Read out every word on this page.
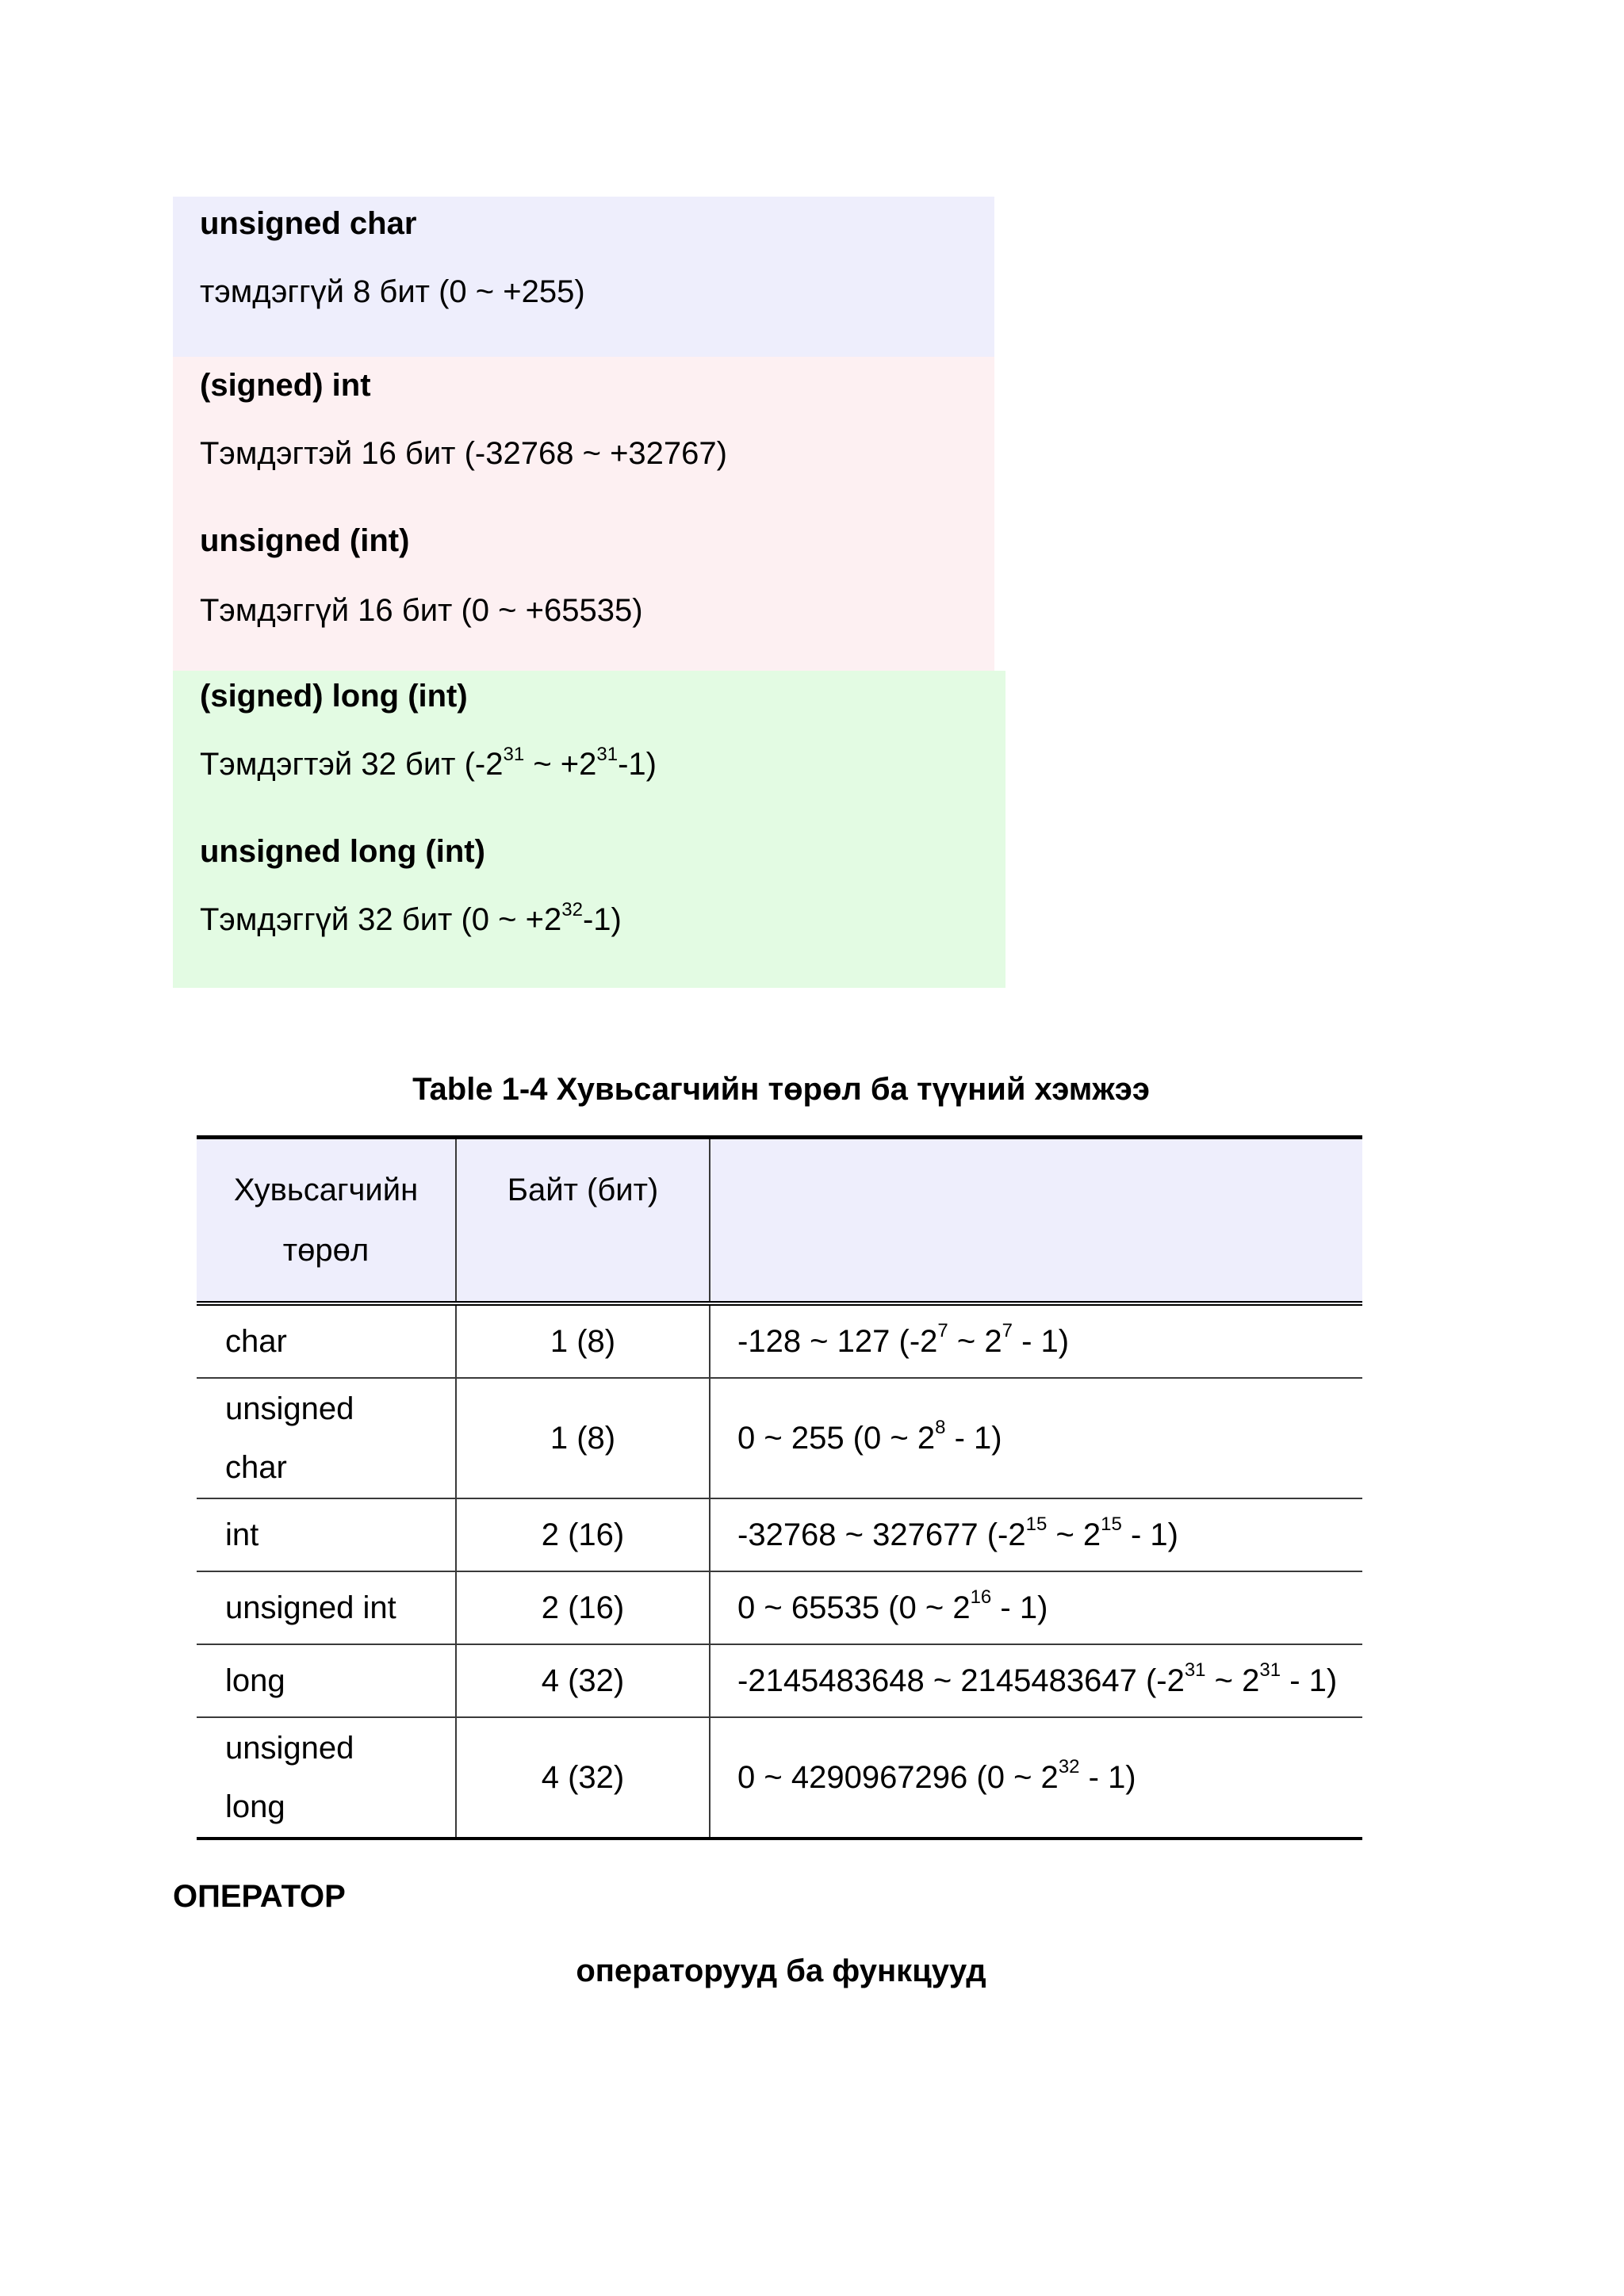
unsigned char
тэмдэггүй 8 бит (0 ~ +255)
(signed) int
Тэмдэгтэй 16 бит (-32768 ~ +32767)
unsigned (int)
Тэмдэггүй 16 бит (0 ~ +65535)
(signed) long (int)
Тэмдэгтэй 32 бит ($-2^{31}$ ~ $+2^{31}-1$)
unsigned long (int)
Тэмдэггүй 32 бит (0 ~ $+2^{32}-1$)
Table 1-4 Хувьсагчийн төрөл ба түүний хэмжээ
Хувьсагчийн
төрөл	Байт (бит)	
char	1 (8)	-128 ~ 127 ($-2^7$ ~ $2^7 - 1$)

unsigned
char	1 (8)	0 ~ 255 (0 ~ $2^8 - 1$)
int	2 (16)	-32768 ~ 327677 ($-2^{15}$ ~ $2^{15} - 1$)
unsigned int	2 (16)	0 ~ 65535 (0 ~ $2^{16} - 1$)
long	4 (32)	-2145483648 ~ 2145483647 ($-2^{31}$ ~ $2^{31} - 1$)

unsigned
long	4 (32)	0 ~ 4290967296 (0 ~ $2^{32} - 1$)
ОПЕРАТОР
операторууд ба функцууд
